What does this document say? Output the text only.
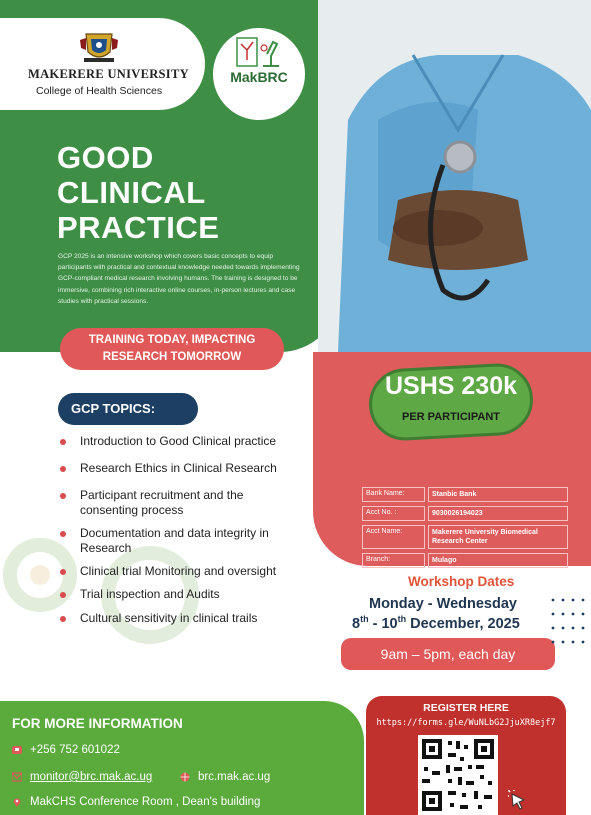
MAKERERE UNIVERSITY
College of Health Sciences
MakBRC
GOOD
CLINICAL
PRACTICE
GCP 2025 is an intensive workshop which covers basic concepts to equip participants with practical and contextual knowledge needed towards implementing GCP-compliant medical research involving humans. The training is designed to be immersive, combining rich interactive online courses, in-person lectures and case studies with practical sessions.
TRAINING TODAY, IMPACTING
RESEARCH TOMORROW
USHS 230k
PER PARTICIPANT
Bank Name:	Stanbic Bank
Acct No. :	9030026194023
Acct Name:	Makerere University Biomedical Research Center
Branch:	Mulago
GCP TOPICS:
Introduction to Good Clinical practice
Research Ethics in Clinical Research
Participant recruitment and the consenting process
Documentation and data integrity in Research
Clinical trial Monitoring and oversight
Trial inspection and Audits
Cultural sensitivity in clinical trails
Workshop Dates
Monday - Wednesday
8th - 10th December, 2025
9am – 5pm, each day
FOR MORE INFORMATION
+256 752 601022
monitor@brc.mak.ac.ug	brc.mak.ac.ug
MakCHS Conference Room , Dean's building
REGISTER HERE
https://forms.gle/WuNLbG2JjuXR8ejf7
